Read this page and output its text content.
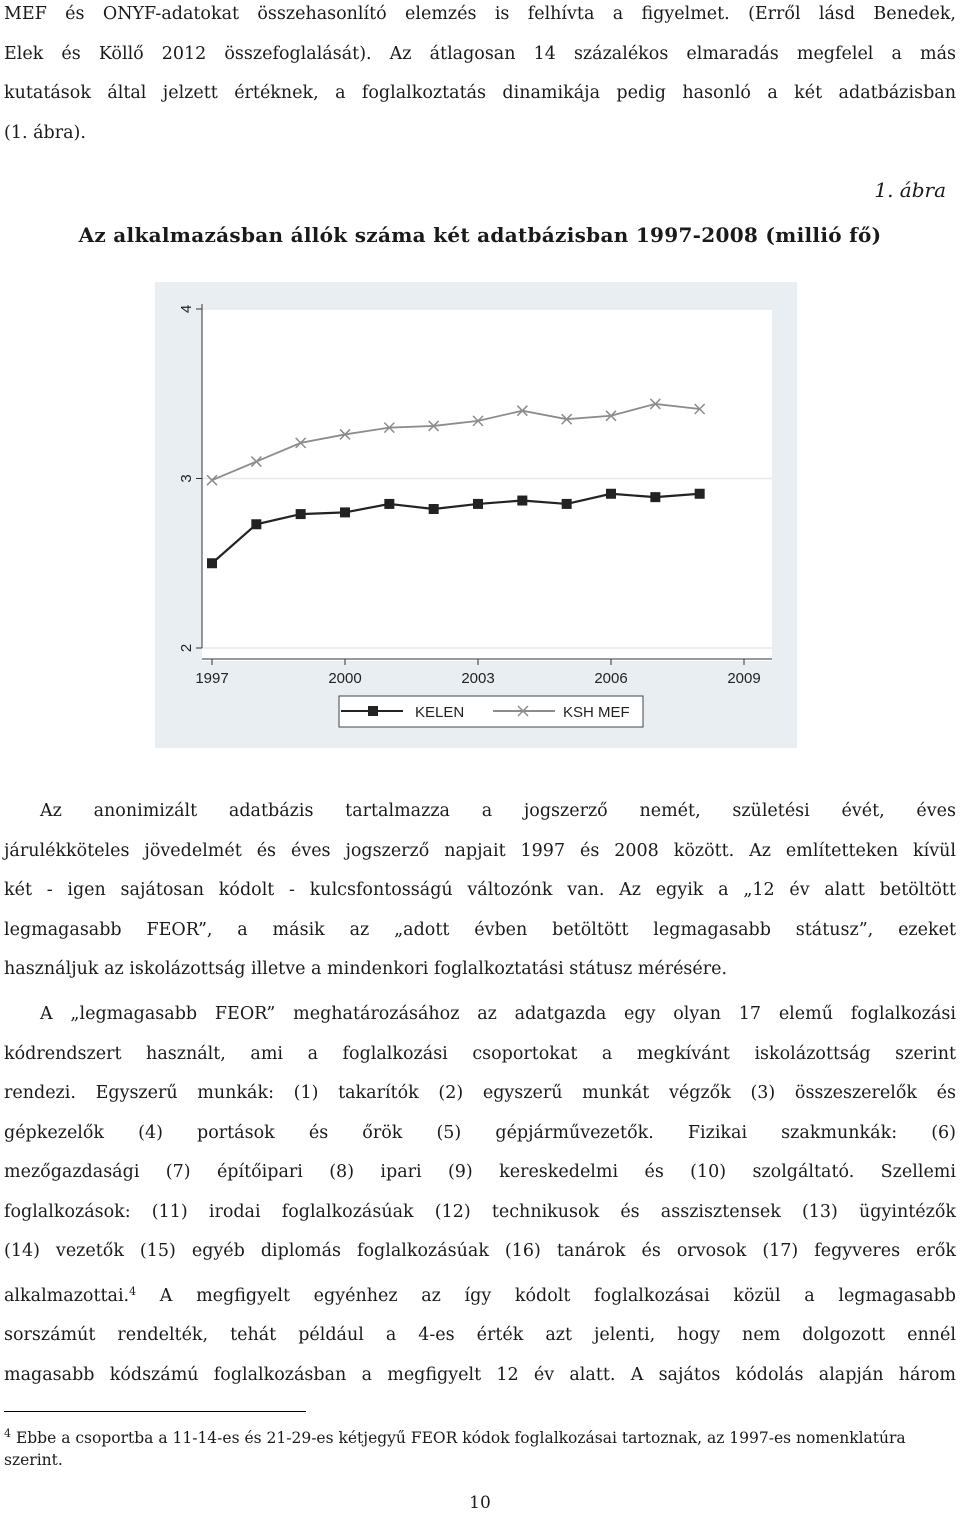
MEF és ONYF-adatokat összehasonlító elemzés is felhívta a figyelmet. (Erről lásd Benedek,
Elek és Köllő 2012 összefoglalását). Az átlagosan 14 százalékos elmaradás megfelel a más
kutatások által jelzett értéknek, a foglalkoztatás dinamikája pedig hasonló a két adatbázisban
(1. ábra).
1. ábra
Az alkalmazásban állók száma két adatbázisban 1997-2008 (millió fő)
2
3
4
1997	2000	2003	2006	2009
KELEN	KSH MEF
Az anonimizált adatbázis tartalmazza a jogszerző nemét, születési évét, éves
járulékköteles jövedelmét és éves jogszerző napjait 1997 és 2008 között. Az említetteken kívül
két - igen sajátosan kódolt - kulcsfontosságú változónk van. Az egyik a „12 év alatt betöltött
legmagasabb FEOR”, a másik az „adott évben betöltött legmagasabb státusz”, ezeket
használjuk az iskolázottság illetve a mindenkori foglalkoztatási státusz mérésére.
A „legmagasabb FEOR” meghatározásához az adatgazda egy olyan 17 elemű foglalkozási
kódrendszert használt, ami a foglalkozási csoportokat a megkívánt iskolázottság szerint
rendezi. Egyszerű munkák: (1) takarítók (2) egyszerű munkát végzők (3) összeszerelők és
gépkezelők (4) portások és őrök (5) gépjárművezetők. Fizikai szakmunkák: (6)
mezőgazdasági (7) építőipari (8) ipari (9) kereskedelmi és (10) szolgáltató. Szellemi
foglalkozások: (11) irodai foglalkozásúak (12) technikusok és asszisztensek (13) ügyintézők
(14) vezetők (15) egyéb diplomás foglalkozásúak (16) tanárok és orvosok (17) fegyveres erők
alkalmazottai.$^4$ A megfigyelt egyénhez az így kódolt foglalkozásai közül a legmagasabb
sorszámút rendelték, tehát például a 4-es érték azt jelenti, hogy nem dolgozott ennél
magasabb kódszámú foglalkozásban a megfigyelt 12 év alatt. A sajátos kódolás alapján három
$^4$ Ebbe a csoportba a 11-14-es és 21-29-es kétjegyű FEOR kódok foglalkozásai tartoznak, az 1997-es nomenklatúra szerint.
10
